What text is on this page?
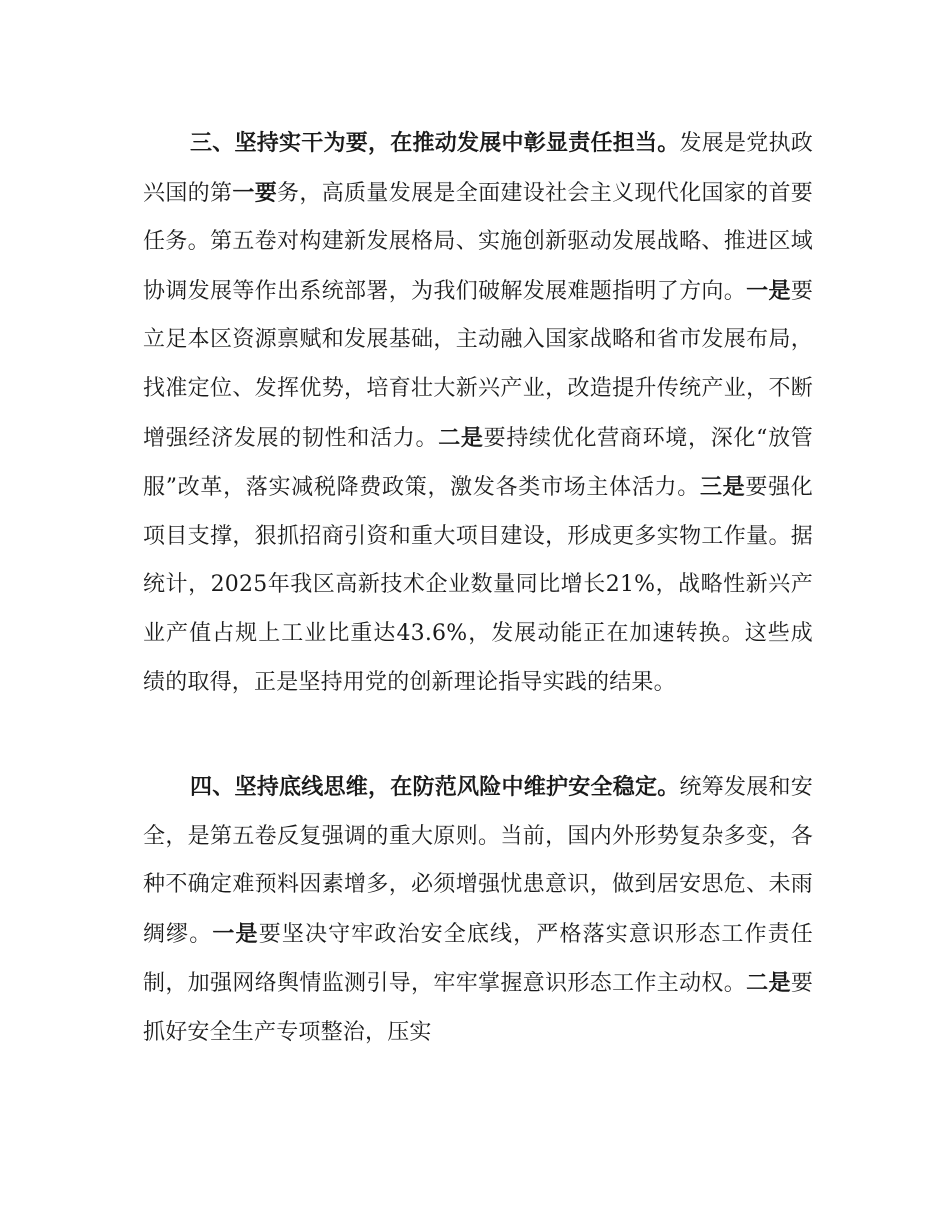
三、坚持实干为要，在推动发展中彰显责任担当。发展是党执政兴国的第一要务，高质量发展是全面建设社会主义现代化国家的首要任务。第五卷对构建新发展格局、实施创新驱动发展战略、推进区域协调发展等作出系统部署，为我们破解发展难题指明了方向。一是要立足本区资源禀赋和发展基础，主动融入国家战略和省市发展布局，找准定位、发挥优势，培育壮大新兴产业，改造提升传统产业，不断增强经济发展的韧性和活力。二是要持续优化营商环境，深化“放管服”改革，落实减税降费政策，激发各类市场主体活力。三是要强化项目支撑，狠抓招商引资和重大项目建设，形成更多实物工作量。据统计，2025年我区高新技术企业数量同比增长21%，战略性新兴产业产值占规上工业比重达43.6%，发展动能正在加速转换。这些成绩的取得，正是坚持用党的创新理论指导实践的结果。

四、坚持底线思维，在防范风险中维护安全稳定。统筹发展和安全，是第五卷反复强调的重大原则。当前，国内外形势复杂多变，各种不确定难预料因素增多，必须增强忧患意识，做到居安思危、未雨绸缪。一是要坚决守牢政治安全底线，严格落实意识形态工作责任制，加强网络舆情监测引导，牢牢掌握意识形态工作主动权。二是要抓好安全生产专项整治，压实
